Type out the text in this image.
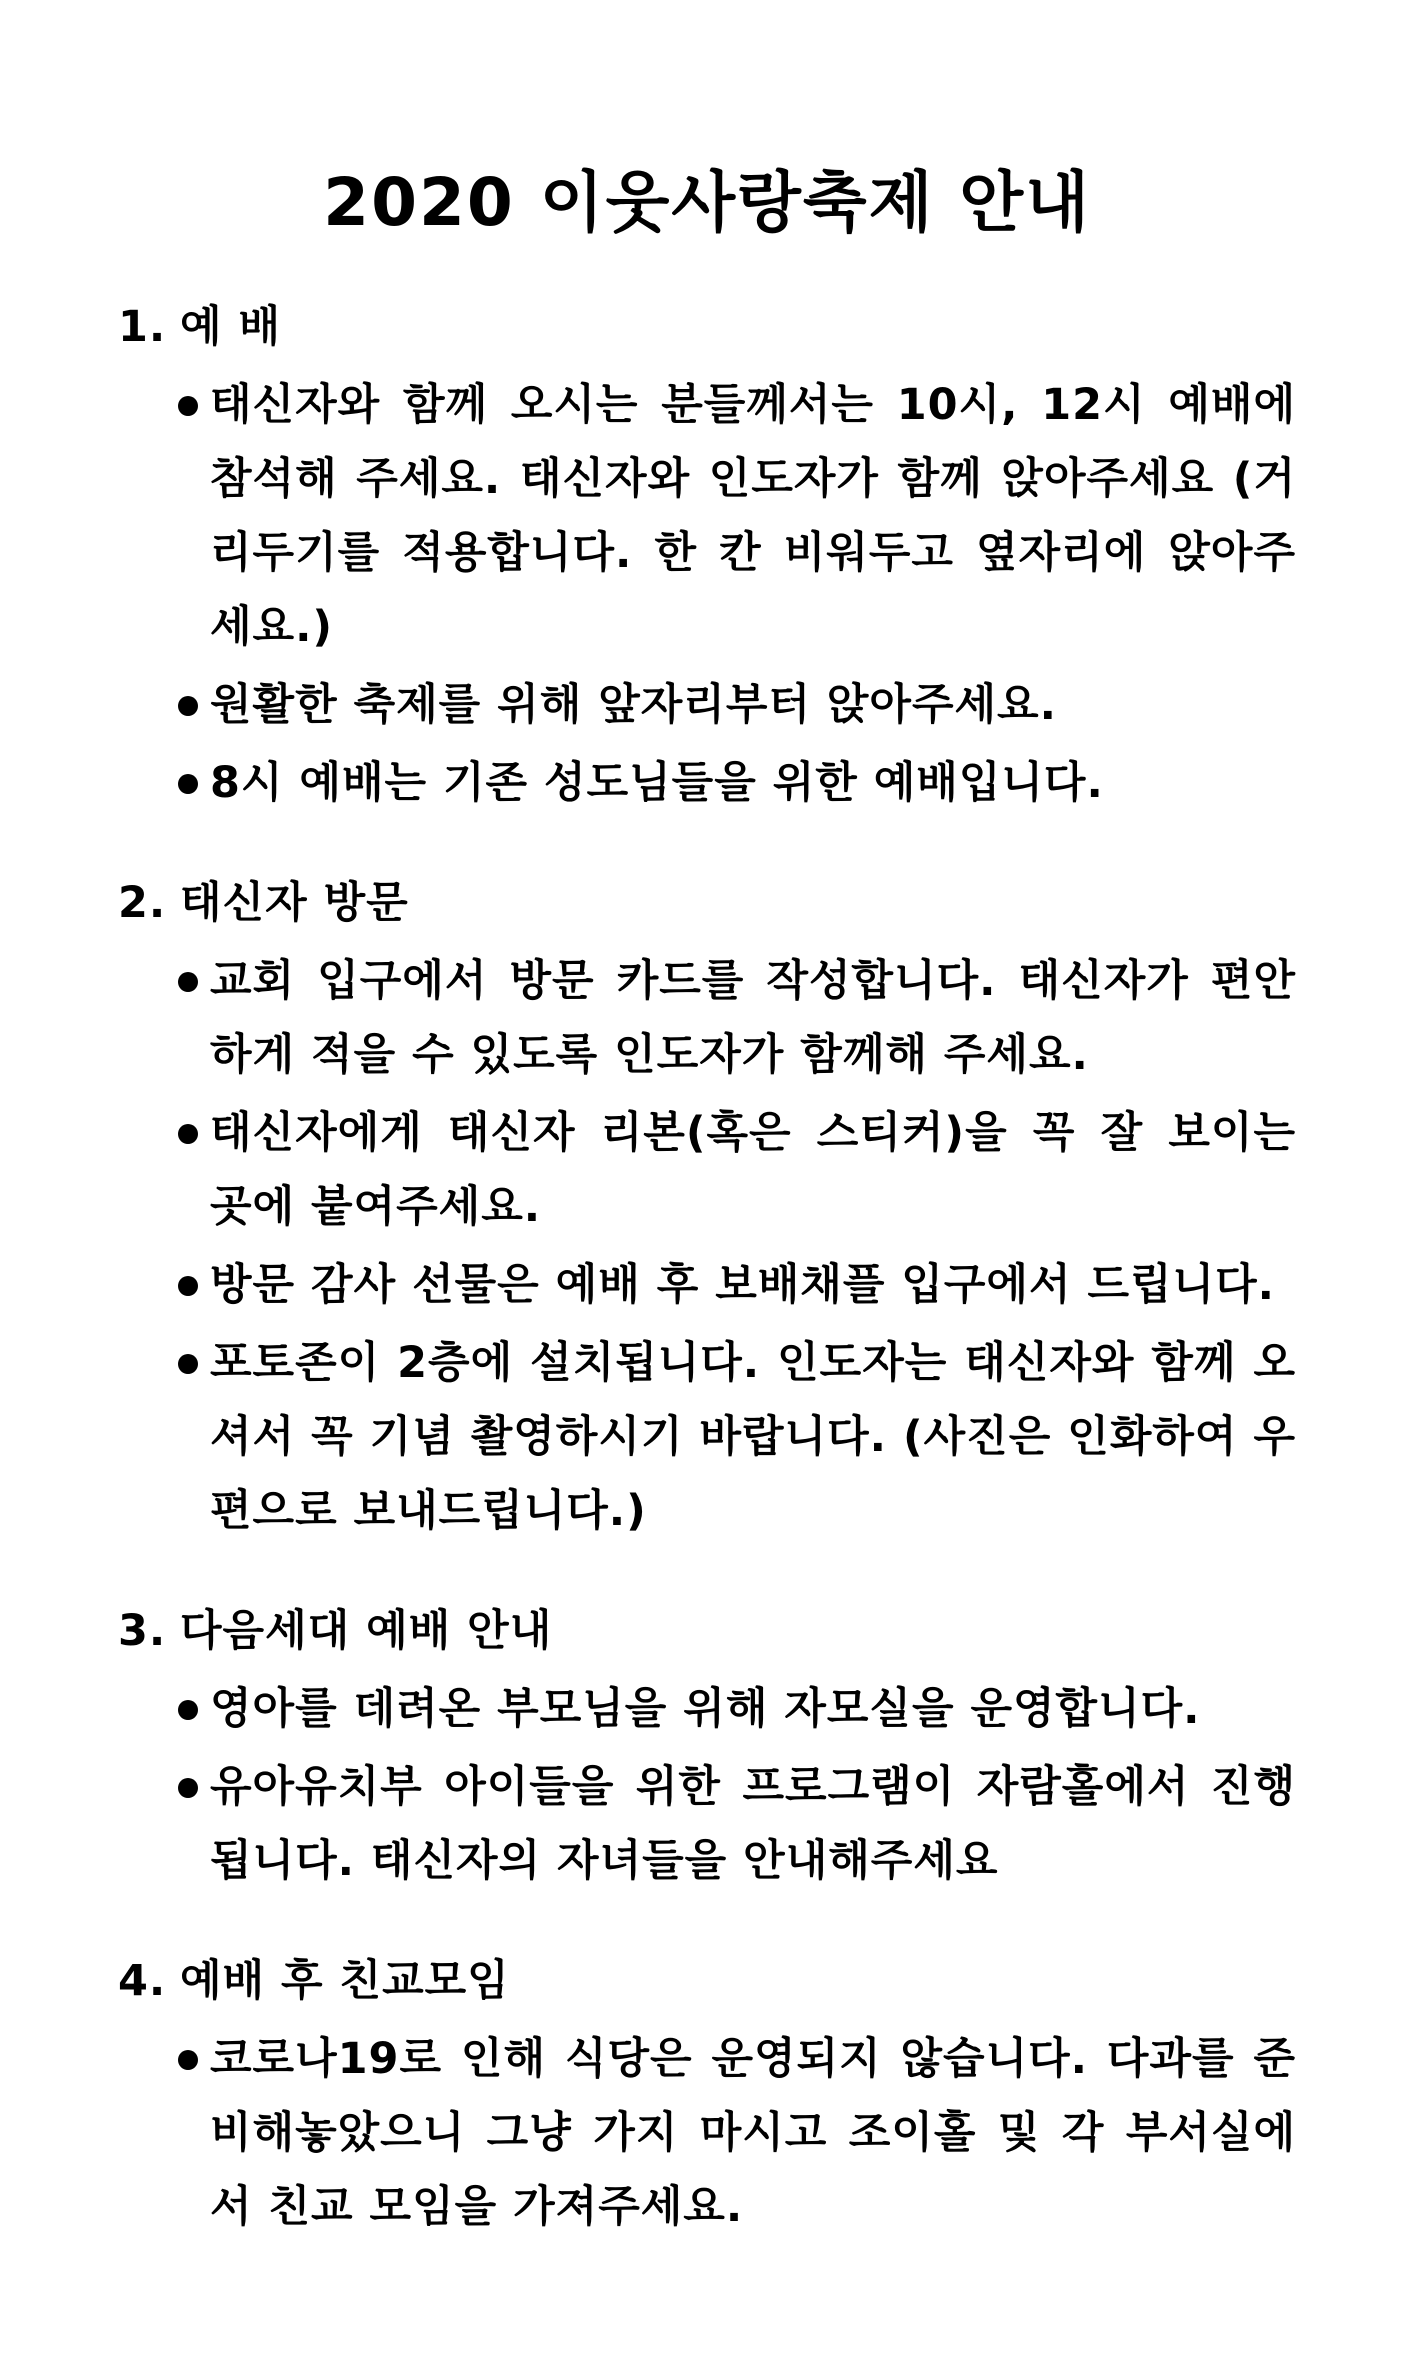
2020 이웃사랑축제 안내
1. 예 배
태신자와 함께 오시는 분들께서는 10시, 12시 예배에 참석해 주세요. 태신자와 인도자가 함께 앉아주세요 (거리두기를 적용합니다. 한 칸 비워두고 옆자리에 앉아주세요.)
원활한 축제를 위해 앞자리부터 앉아주세요.
8시 예배는 기존 성도님들을 위한 예배입니다.
2. 태신자 방문
교회 입구에서 방문 카드를 작성합니다. 태신자가 편안하게 적을 수 있도록 인도자가 함께해 주세요.
태신자에게 태신자 리본(혹은 스티커)을 꼭 잘 보이는 곳에 붙여주세요.
방문 감사 선물은 예배 후 보배채플 입구에서 드립니다.
포토존이 2층에 설치됩니다. 인도자는 태신자와 함께 오셔서 꼭 기념 촬영하시기 바랍니다. (사진은 인화하여 우편으로 보내드립니다.)
3. 다음세대 예배 안내
영아를 데려온 부모님을 위해 자모실을 운영합니다.
유아유치부 아이들을 위한 프로그램이 자람홀에서 진행됩니다. 태신자의 자녀들을 안내해주세요
4. 예배 후 친교모임
코로나19로 인해 식당은 운영되지 않습니다. 다과를 준비해놓았으니 그냥 가지 마시고 조이홀 및 각 부서실에서 친교 모임을 가져주세요.
